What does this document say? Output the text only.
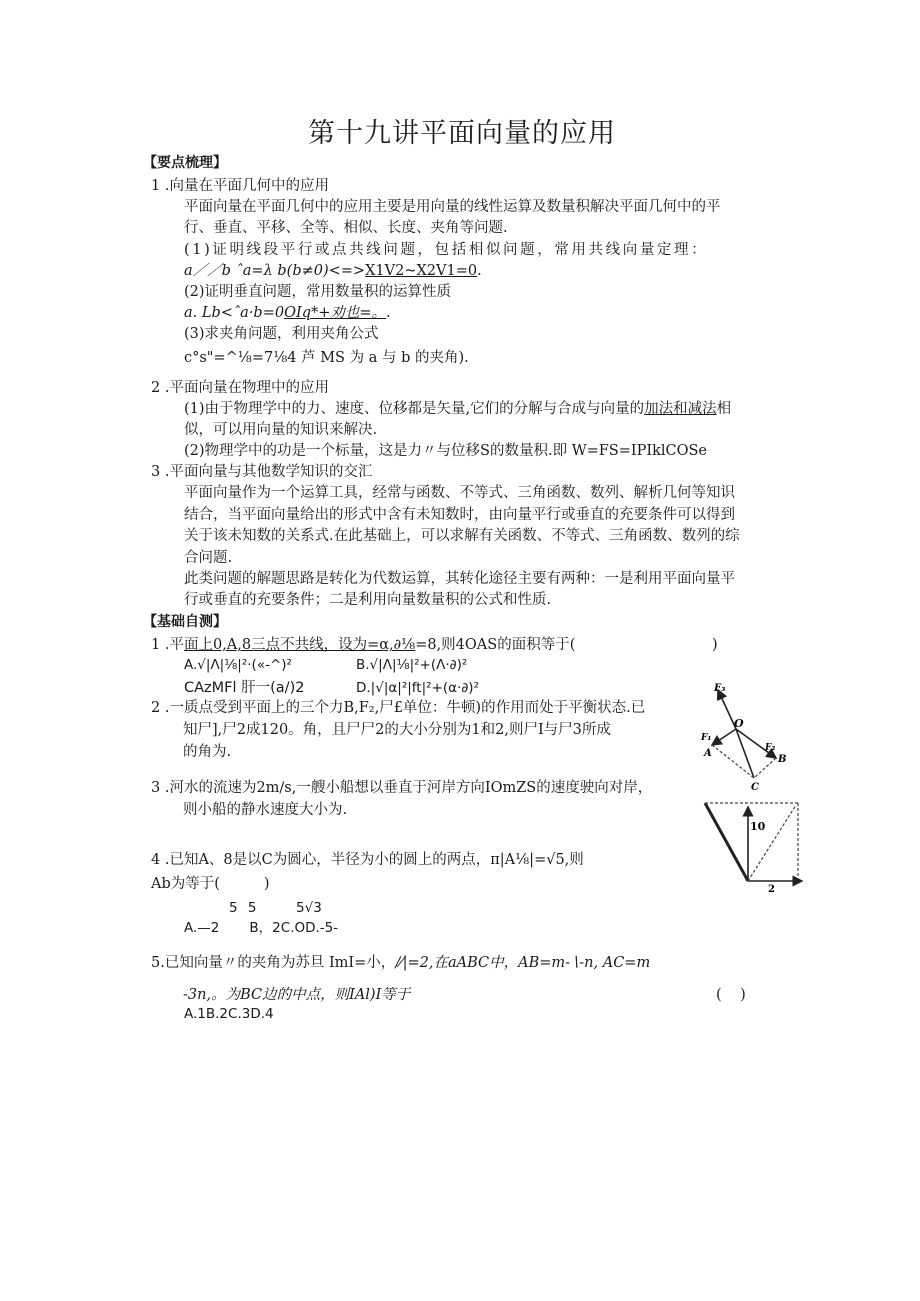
第十九讲平面向量的应用
【要点梳理】
1 .向量在平面几何中的应用
平面向量在平面几何中的应用主要是用向量的线性运算及数量积解决平面几何中的平
行、垂直、平移、全等、相似、长度、夹角等问题.
(1)证明线段平行或点共线问题，包括相似问题，常用共线向量定理：
a／／b ˆa=λ b(b≠0)<=>X1V2~X2V1=0.
(2)证明垂直问题，常用数量积的运算性质
a. Lb<ˆa·b=0OIq*+劝也=。.
(3)求夹角问题，利用夹角公式
c°s"=^⅛=7⅛4 芦 MS 为 a 与 b 的夹角).
2 .平面向量在物理中的应用
(1)由于物理学中的力、速度、位移都是矢量,它们的分解与合成与向量的加法和减法相
似，可以用向量的知识来解决.
(2)物理学中的功是一个标量，这是力〃与位移S的数量积.即 W=FS=IPIklCOSe
3 .平面向量与其他数学知识的交汇
平面向量作为一个运算工具，经常与函数、不等式、三角函数、数列、解析几何等知识
结合，当平面向量给出的形式中含有未知数时，由向量平行或垂直的充要条件可以得到
关于该未知数的关系式.在此基础上，可以求解有关函数、不等式、三角函数、数列的综
合问题.
此类问题的解题思路是转化为代数运算，其转化途径主要有两种：一是利用平面向量平
行或垂直的充要条件；二是利用向量数量积的公式和性质.
【基础自测】
1 .平面上0,A,8三点不共线，设为=α,∂⅛=8,则4OAS的面积等于(	)
A.√|Λ|⅛|²·(«-^)²	B.√|Λ|⅛|²+(Λ·∂)²
CAzMFl 肝一(a/)2	D.|√|α|²|ft|²+(α·∂)²
2 .一质点受到平面上的三个力B,F₂,尸£单位：牛顿)的作用而处于平衡状态.已
知尸],尸2成120。角，且尸尸2的大小分别为1和2,则尸I与尸3所成
的角为.
3 .河水的流速为2m∕s,一艘小船想以垂直于河岸方向IOmZS的速度驶向对岸，
则小船的静水速度大小为.
4 .已知A、8是以C为圆心，半径为小的圆上的两点，π|A⅛|=√5,则
Ab为等于(	)
5 5	5√3
A.—2       B，2C.OD.-5-
5.已知向量〃的夹角为苏旦 ImI=小，∕⁄|=2,在aABC中，AB=m-∖-n, AC=m
-3n,。为BC边的中点，则IAl)I等于	(    )
A.1B.2C.3D.4
F₃
O
F₁
A	F₂
B
C
10
2
